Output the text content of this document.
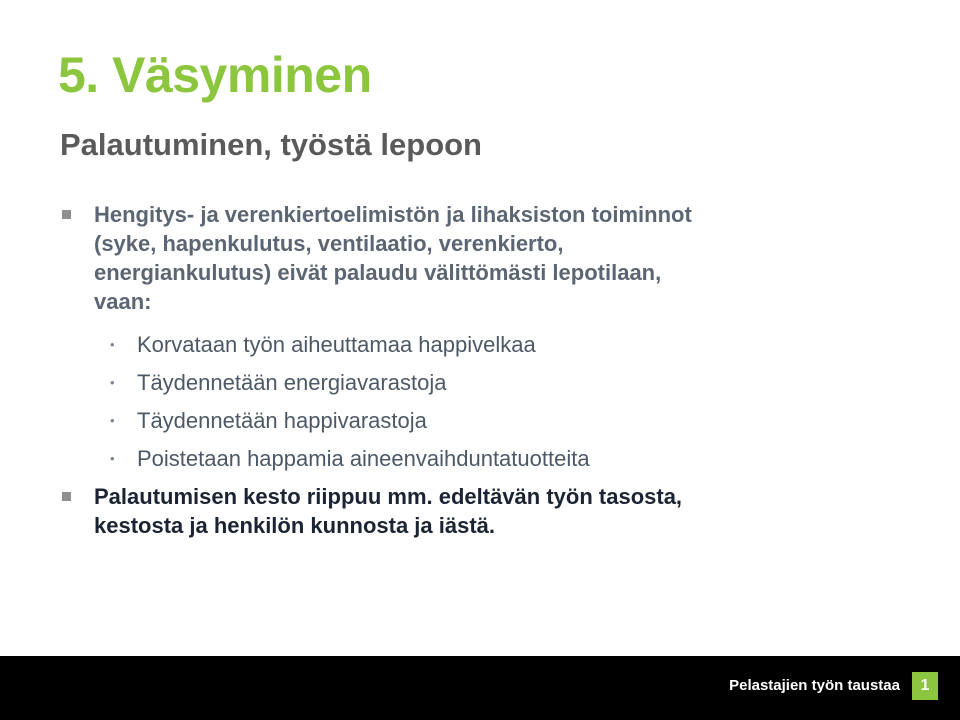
5. Väsyminen
Palautuminen, työstä lepoon
Hengitys- ja verenkiertoelimistön ja lihaksiston toiminnot
(syke, hapenkulutus, ventilaatio, verenkierto,
energiankulutus) eivät palaudu välittömästi lepotilaan,
vaan:
• Korvataan työn aiheuttamaa happivelkaa
• Täydennetään energiavarastoja
• Täydennetään happivarastoja
• Poistetaan happamia aineenvaihduntatuotteita
Palautumisen kesto riippuu mm. edeltävän työn tasosta,
kestosta ja henkilön kunnosta ja iästä.
Pelastajien työn taustaa	1
